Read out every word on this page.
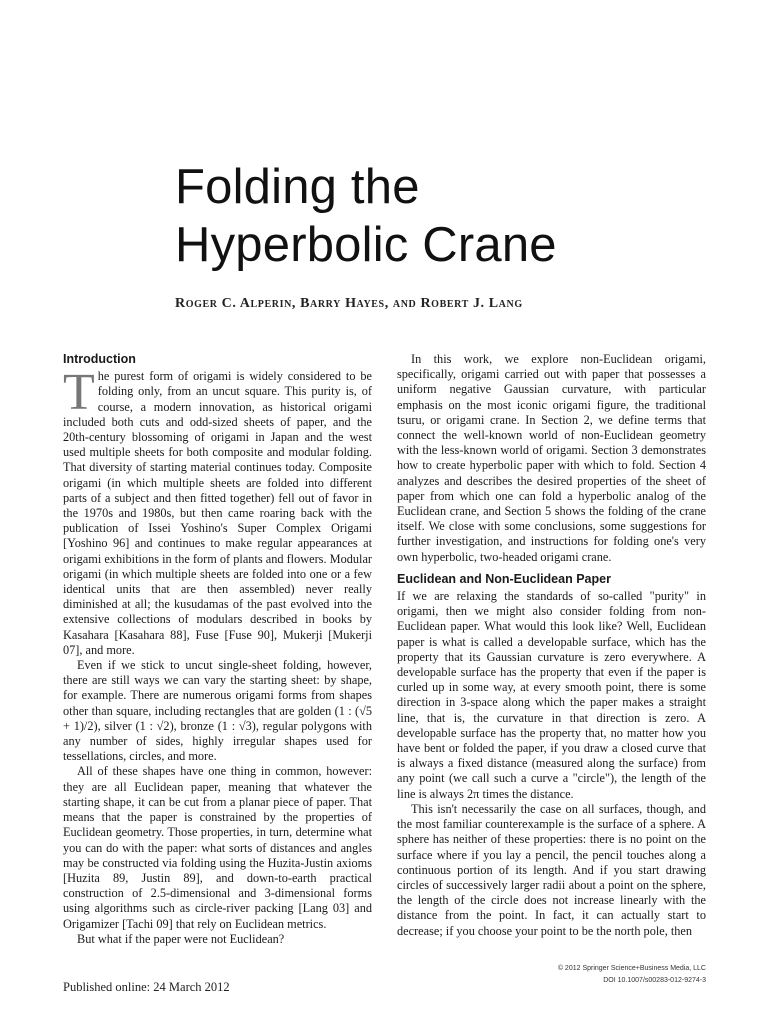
Folding the
Hyperbolic Crane
Roger C. Alperin, Barry Hayes, and Robert J. Lang
Introduction

The purest form of origami is widely considered to be folding only, from an uncut square. This purity is, of course, a modern innovation, as historical origami included both cuts and odd-sized sheets of paper, and the 20th-century blossoming of origami in Japan and the west used multiple sheets for both composite and modular folding. That diversity of starting material continues today. Composite origami (in which multiple sheets are folded into different parts of a subject and then fitted together) fell out of favor in the 1970s and 1980s, but then came roaring back with the publication of Issei Yoshino's Super Complex Origami [Yoshino 96] and continues to make regular appearances at origami exhibitions in the form of plants and flowers. Modular origami (in which multiple sheets are folded into one or a few identical units that are then assembled) never really diminished at all; the kusudamas of the past evolved into the extensive collections of modulars described in books by Kasahara [Kasahara 88], Fuse [Fuse 90], Mukerji [Mukerji 07], and more.

Even if we stick to uncut single-sheet folding, however, there are still ways we can vary the starting sheet: by shape, for example. There are numerous origami forms from shapes other than square, including rectangles that are golden (1 : (√5 + 1)/2), silver (1 : √2), bronze (1 : √3), regular polygons with any number of sides, highly irregular shapes used for tessellations, circles, and more.

All of these shapes have one thing in common, however: they are all Euclidean paper, meaning that whatever the starting shape, it can be cut from a planar piece of paper. That means that the paper is constrained by the properties of Euclidean geometry. Those properties, in turn, determine what you can do with the paper: what sorts of distances and angles may be constructed via folding using the Huzita-Justin axioms [Huzita 89, Justin 89], and down-to-earth practical construction of 2.5-dimensional and 3-dimensional forms using algorithms such as circle-river packing [Lang 03] and Origamizer [Tachi 09] that rely on Euclidean metrics.

But what if the paper were not Euclidean?

In this work, we explore non-Euclidean origami, specifically, origami carried out with paper that possesses a uniform negative Gaussian curvature, with particular emphasis on the most iconic origami figure, the traditional tsuru, or origami crane. In Section 2, we define terms that connect the well-known world of non-Euclidean geometry with the less-known world of origami. Section 3 demonstrates how to create hyperbolic paper with which to fold. Section 4 analyzes and describes the desired properties of the sheet of paper from which one can fold a hyperbolic analog of the Euclidean crane, and Section 5 shows the folding of the crane itself. We close with some conclusions, some suggestions for further investigation, and instructions for folding one's very own hyperbolic, two-headed origami crane.

Euclidean and Non-Euclidean Paper

If we are relaxing the standards of so-called "purity" in origami, then we might also consider folding from non-Euclidean paper. What would this look like? Well, Euclidean paper is what is called a developable surface, which has the property that its Gaussian curvature is zero everywhere. A developable surface has the property that even if the paper is curled up in some way, at every smooth point, there is some direction in 3-space along which the paper makes a straight line, that is, the curvature in that direction is zero. A developable surface has the property that, no matter how you have bent or folded the paper, if you draw a closed curve that is always a fixed distance (measured along the surface) from any point (we call such a curve a "circle"), the length of the line is always 2π times the distance.

This isn't necessarily the case on all surfaces, though, and the most familiar counterexample is the surface of a sphere. A sphere has neither of these properties: there is no point on the surface where if you lay a pencil, the pencil touches along a continuous portion of its length. And if you start drawing circles of successively larger radii about a point on the sphere, the length of the circle does not increase linearly with the distance from the point. In fact, it can actually start to decrease; if you choose your point to be the north pole, then

Published online: 24 March 2012
© 2012 Springer Science+Business Media, LLC
DOI 10.1007/s00283-012-9274-3
